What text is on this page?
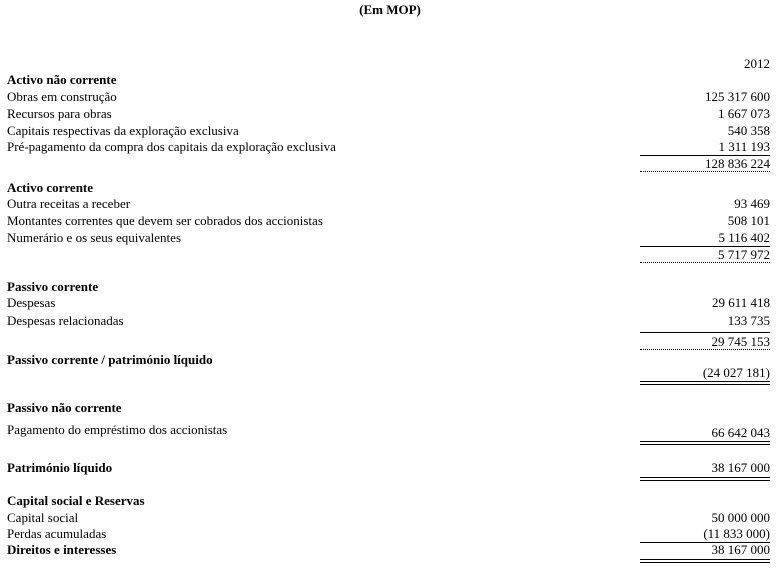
(Em MOP)
2012
Activo não corrente
Obras em construção	125 317 600
Recursos para obras	1 667 073
Capitais respectivas da exploração exclusiva	540 358
Pré-pagamento da compra dos capitais da exploração exclusiva	1 311 193
128 836 224
Activo corrente
Outra receitas a receber	93 469
Montantes correntes que devem ser cobrados dos accionistas	508 101
Numerário e os seus equivalentes	5 116 402
5 717 972
Passivo corrente
Despesas	29 611 418
Despesas relacionadas	133 735
29 745 153
Passivo corrente / património líquido
(24 027 181)
Passivo não corrente
Pagamento do empréstimo dos accionistas	66 642 043
Património líquido	38 167 000
Capital social e Reservas
Capital social	50 000 000
Perdas acumuladas	(11 833 000)
Direitos e interesses	38 167 000
